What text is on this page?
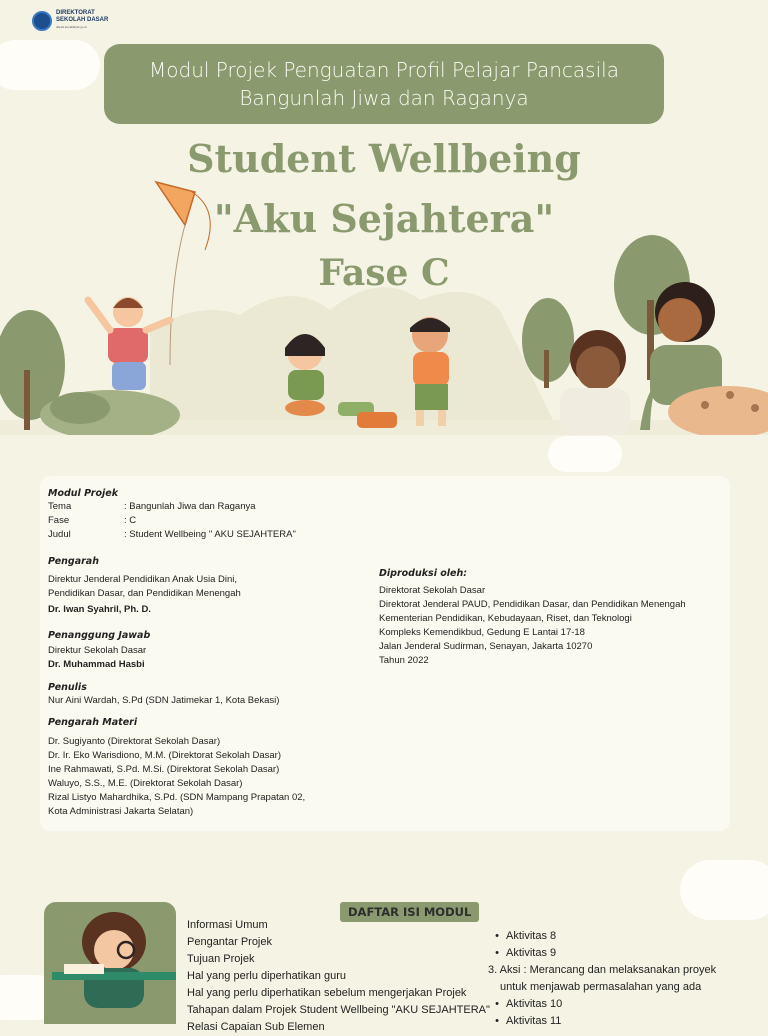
DIREKTORAT
SEKOLAH DASAR
ditpsd.kemdikbud.go.id
Modul Projek Penguatan Profil Pelajar Pancasila
Bangunlah Jiwa dan Raganya
Student Wellbeing
"Aku Sejahtera"
Fase C
Modul Projek
Tema	: Bangunlah Jiwa dan Raganya
Fase	: C
Judul	: Student Wellbeing " AKU SEJAHTERA"
Pengarah
Direktur Jenderal Pendidikan Anak Usia Dini,
Pendidikan Dasar, dan Pendidikan Menengah
Dr. Iwan Syahril, Ph. D.
Penanggung Jawab
Direktur Sekolah Dasar
Dr. Muhammad Hasbi
Penulis
Nur Aini Wardah, S.Pd (SDN Jatimekar 1, Kota Bekasi)
Pengarah Materi
Dr. Sugiyanto (Direktorat Sekolah Dasar)
Dr. Ir. Eko Warisdiono, M.M. (Direktorat Sekolah Dasar)
Ine Rahmawati, S.Pd. M.Si. (Direktorat Sekolah Dasar)
Waluyo, S.S., M.E. (Direktorat Sekolah Dasar)
Rizal Listyo Mahardhika, S.Pd. (SDN Mampang Prapatan 02,
Kota Administrasi Jakarta Selatan)
Diproduksi oleh:
Direktorat Sekolah Dasar
Direktorat Jenderal PAUD, Pendidikan Dasar, dan Pendidikan Menengah
Kementerian Pendidikan, Kebudayaan, Riset, dan Teknologi
Kompleks Kemendikbud, Gedung E Lantai 17-18
Jalan Jenderal Sudirman, Senayan, Jakarta 10270
Tahun 2022
DAFTAR ISI MODUL
Informasi Umum
Pengantar Projek
Tujuan Projek
Hal yang perlu diperhatikan guru
Hal yang perlu diperhatikan sebelum mengerjakan Projek
Tahapan dalam Projek Student Wellbeing "AKU SEJAHTERA"
Relasi Capaian Sub Elemen
• Aktivitas 8
• Aktivitas 9
3. Aksi : Merancang dan melaksanakan proyek
untuk menjawab permasalahan yang ada
• Aktivitas 10
• Aktivitas 11
